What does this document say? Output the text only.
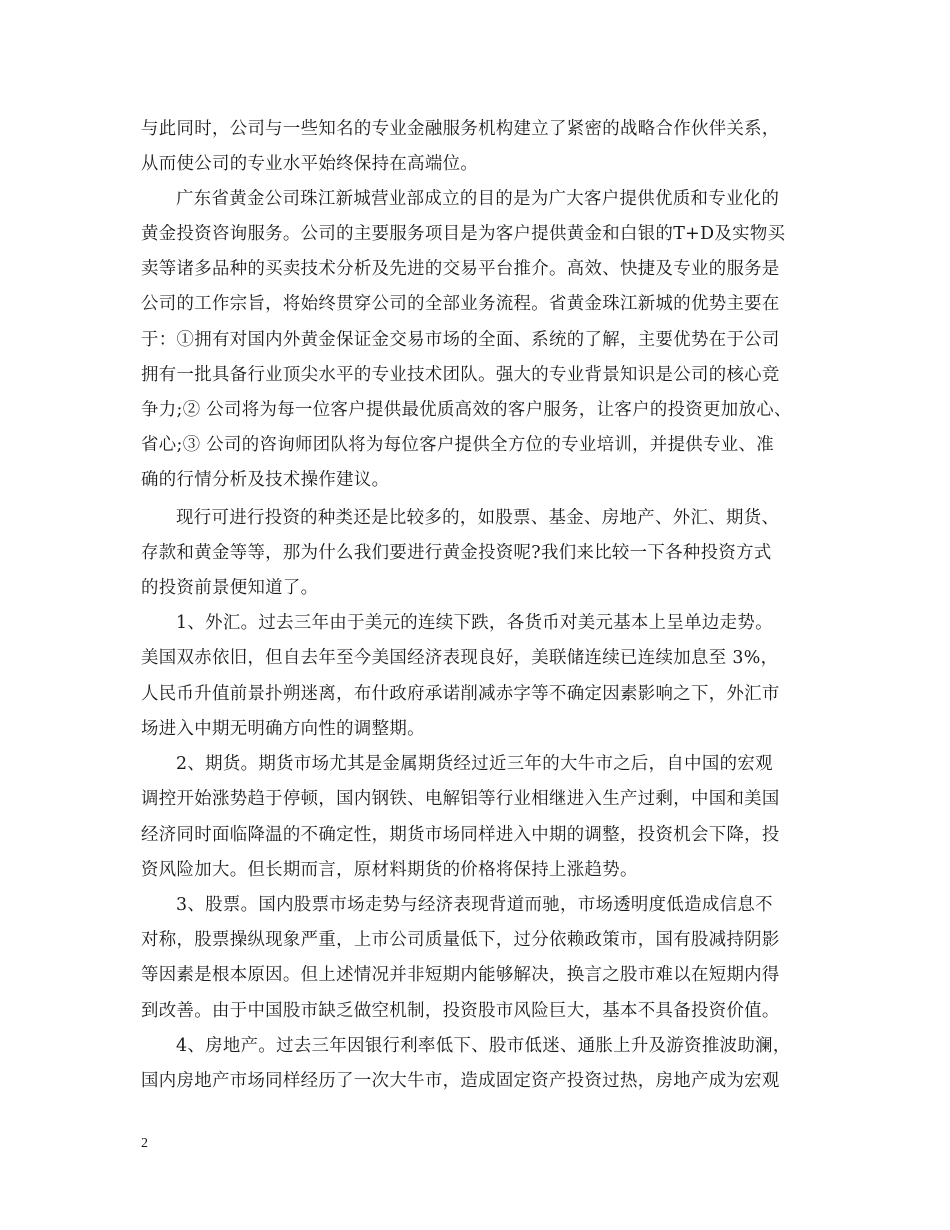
与此同时，公司与一些知名的专业金融服务机构建立了紧密的战略合作伙伴关系，
从而使公司的专业水平始终保持在高端位。
广东省黄金公司珠江新城营业部成立的目的是为广大客户提供优质和专业化的
黄金投资咨询服务。公司的主要服务项目是为客户提供黄金和白银的T+D及实物买
卖等诸多品种的买卖技术分析及先进的交易平台推介。高效、快捷及专业的服务是
公司的工作宗旨，将始终贯穿公司的全部业务流程。省黄金珠江新城的优势主要在
于：①拥有对国内外黄金保证金交易市场的全面、系统的了解，主要优势在于公司
拥有一批具备行业顶尖水平的专业技术团队。强大的专业背景知识是公司的核心竞
争力;② 公司将为每一位客户提供最优质高效的客户服务，让客户的投资更加放心、
省心;③ 公司的咨询师团队将为每位客户提供全方位的专业培训，并提供专业、准
确的行情分析及技术操作建议。
现行可进行投资的种类还是比较多的，如股票、基金、房地产、外汇、期货、
存款和黄金等等，那为什么我们要进行黄金投资呢?我们来比较一下各种投资方式
的投资前景便知道了。
1、外汇。过去三年由于美元的连续下跌，各货币对美元基本上呈单边走势。
美国双赤依旧，但自去年至今美国经济表现良好，美联储连续已连续加息至 3%，
人民币升值前景扑朔迷离，布什政府承诺削减赤字等不确定因素影响之下，外汇市
场进入中期无明确方向性的调整期。
2、期货。期货市场尤其是金属期货经过近三年的大牛市之后，自中国的宏观
调控开始涨势趋于停顿，国内钢铁、电解铝等行业相继进入生产过剩，中国和美国
经济同时面临降温的不确定性，期货市场同样进入中期的调整，投资机会下降，投
资风险加大。但长期而言，原材料期货的价格将保持上涨趋势。
3、股票。国内股票市场走势与经济表现背道而驰，市场透明度低造成信息不
对称，股票操纵现象严重，上市公司质量低下，过分依赖政策市，国有股减持阴影
等因素是根本原因。但上述情况并非短期内能够解决，换言之股市难以在短期内得
到改善。由于中国股市缺乏做空机制，投资股市风险巨大，基本不具备投资价值。
4、房地产。过去三年因银行利率低下、股市低迷、通胀上升及游资推波助澜，
国内房地产市场同样经历了一次大牛市，造成固定资产投资过热，房地产成为宏观
2
